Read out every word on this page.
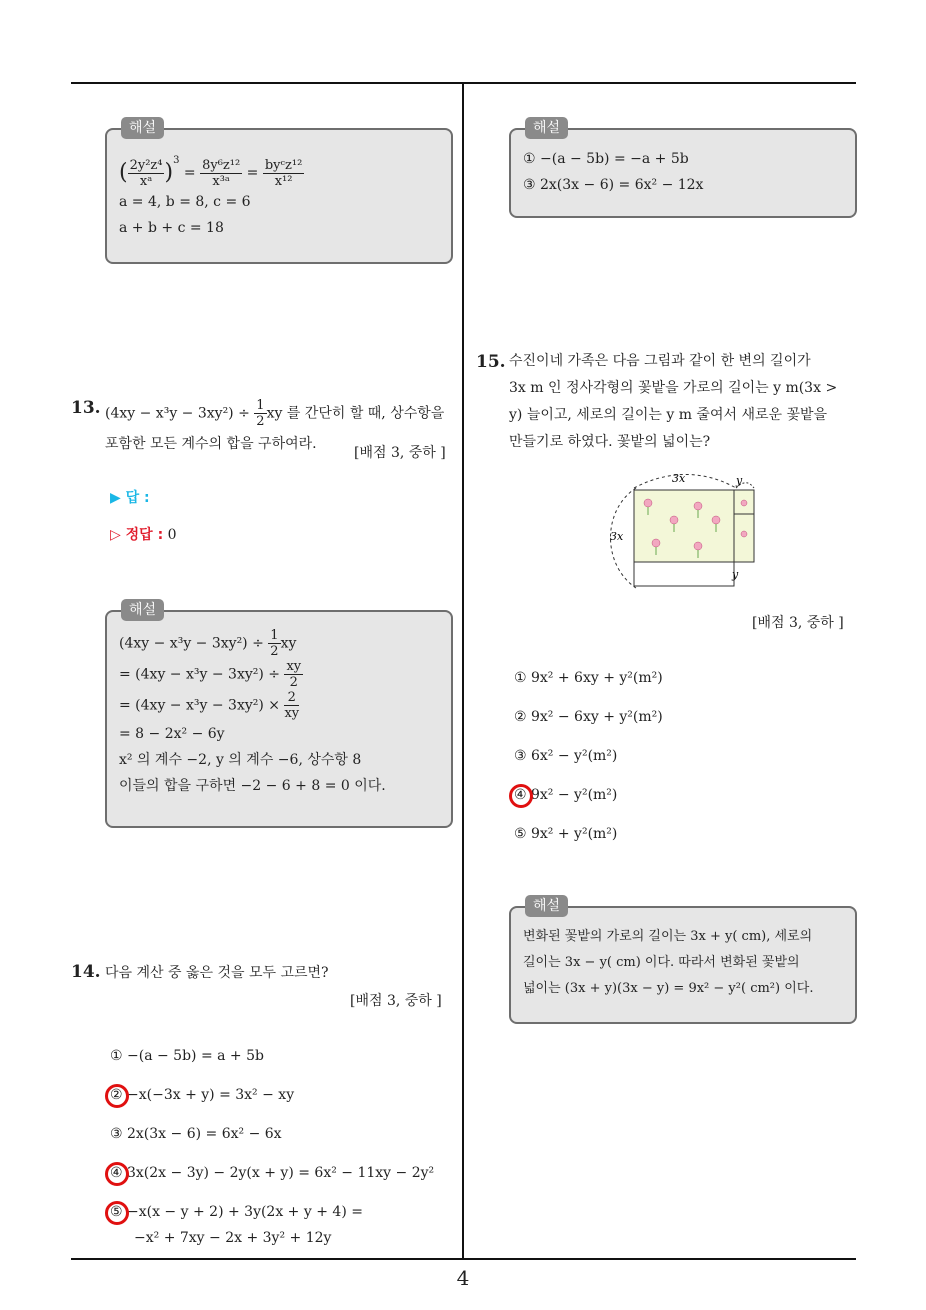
해설
( $\frac{\text{2y²z⁴}}{\text{xᵃ}} )^3 = \frac{\text{8y⁶z¹²}}{\text{x³ᵃ}} = \frac{\text{byᶜz¹²}}{\text{x¹²}}$
a = 4, b = 8, c = 6
a + b + c = 18
해설
① −(a − 5b) = −a + 5b
③ 2x(3x − 6) = 6x² − 12x
13. $(4xy - x^3y - 3xy^2) \div \frac{1}{2}$ xy 를 간단히 할 때, 상수항을
포함한 모든 계수의 합을 구하여라.
[배점 3, 중하 ]
▶ 답 :
▷ 정답 : 0
해설
$(4xy - x^3y - 3xy^2) \div \frac{1}{2}$ xy
= $(4xy - x^3y - 3xy^2) \div \frac{xy}{2}$
= $(4xy - x^3y - 3xy^2) \times \frac{2}{xy}$
= 8 − 2x² − 6y
x² 의 계수 −2, y 의 계수 −6, 상수항 8
이들의 합을 구하면 −2 − 6 + 8 = 0 이다.
14. 다음 계산 중 옳은 것을 모두 고르면?
[배점 3, 중하 ]
① −(a − 5b) = a + 5b
② −x(−3x + y) = 3x² − xy
③ 2x(3x − 6) = 6x² − 6x
④ 3x(2x − 3y) − 2y(x + y) = 6x² − 11xy − 2y²
⑤ −x(x − y + 2) + 3y(2x + y + 4) =
−x² + 7xy − 2x + 3y² + 12y
15. 수진이네 가족은 다음 그림과 같이 한 변의 길이가
3x m 인 정사각형의 꽃밭을 가로의 길이는 y m(3x >
y) 늘이고, 세로의 길이는 y m 줄여서 새로운 꽃밭을
만들기로 하였다. 꽃밭의 넓이는?
3x	y
3x
y
[배점 3, 중하 ]
① 9x² + 6xy + y²(m²)
② 9x² − 6xy + y²(m²)
③ 6x² − y²(m²)
④ 9x² − y²(m²)
⑤ 9x² + y²(m²)
해설
변화된 꽃밭의 가로의 길이는 3x + y( cm), 세로의
길이는 3x − y( cm) 이다. 따라서 변화된 꽃밭의
넓이는 (3x + y)(3x − y) = 9x² − y²( cm²) 이다.
4
